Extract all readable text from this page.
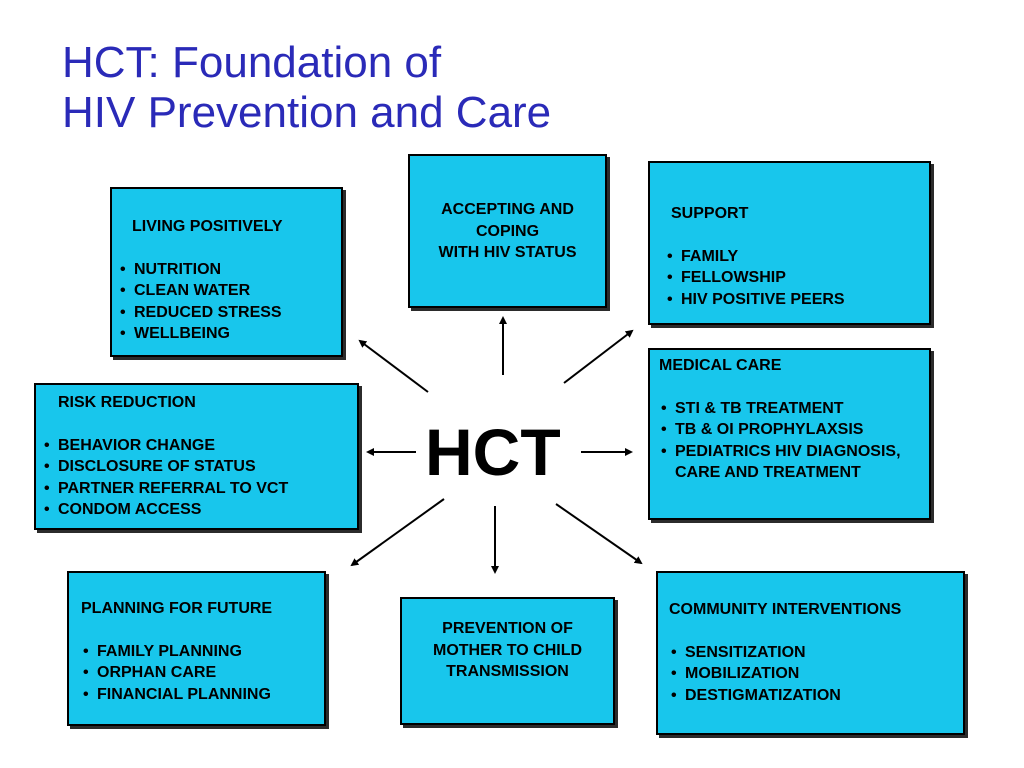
HCT: Foundation of
HIV Prevention and Care
HCT
LIVING POSITIVELY
• NUTRITION
• CLEAN WATER
• REDUCED STRESS
• WELLBEING
ACCEPTING AND
COPING
WITH HIV STATUS
SUPPORT
• FAMILY
• FELLOWSHIP
• HIV POSITIVE PEERS
RISK REDUCTION
• BEHAVIOR CHANGE
• DISCLOSURE OF STATUS
• PARTNER REFERRAL TO VCT
• CONDOM ACCESS
MEDICAL CARE
• STI & TB TREATMENT
• TB & OI PROPHYLAXSIS
• PEDIATRICS HIV DIAGNOSIS, CARE AND TREATMENT
PLANNING FOR FUTURE
• FAMILY PLANNING
• ORPHAN CARE
• FINANCIAL PLANNING
PREVENTION OF
MOTHER TO CHILD
TRANSMISSION
COMMUNITY INTERVENTIONS
• SENSITIZATION
• MOBILIZATION
• DESTIGMATIZATION
